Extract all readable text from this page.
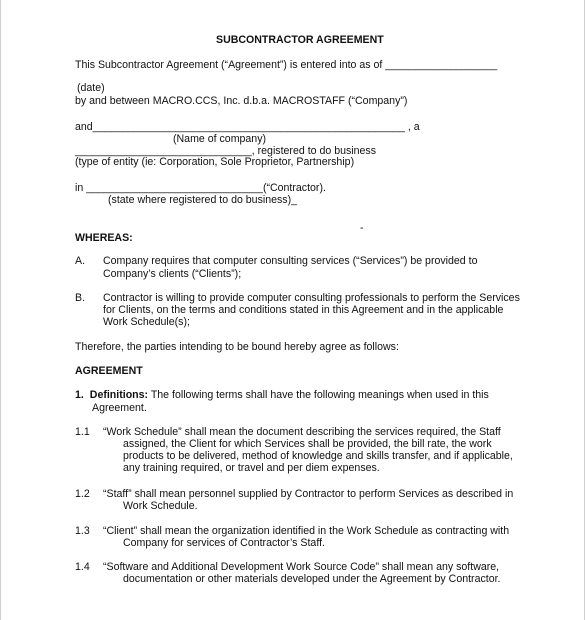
SUBCONTRACTOR AGREEMENT
This Subcontractor Agreement (“Agreement”) is entered into as of ___________________
(date)
by and between MACRO.CCS, Inc. d.b.a. MACROSTAFF (“Company”)
and_____________________________________________________ , a
(Name of company)
______________________________, registered to do business
(type of entity (ie: Corporation, Sole Proprietor, Partnership)
in ______________________________(“Contractor).
(state where registered to do business)_
-
WHEREAS:
A. Company requires that computer consulting services (“Services”) be provided to
Company’s clients (“Clients”);
B. Contractor is willing to provide computer consulting professionals to perform the Services
for Clients, on the terms and conditions stated in this Agreement and in the applicable
Work Schedule(s);
Therefore, the parties intending to be bound hereby agree as follows:
AGREEMENT
1. Definitions: The following terms shall have the following meanings when used in this
Agreement.
1.1 “Work Schedule” shall mean the document describing the services required, the Staff
assigned, the Client for which Services shall be provided, the bill rate, the work
products to be delivered, method of knowledge and skills transfer, and if applicable,
any training required, or travel and per diem expenses.
1.2 “Staff” shall mean personnel supplied by Contractor to perform Services as described in
Work Schedule.
1.3 “Client” shall mean the organization identified in the Work Schedule as contracting with
Company for services of Contractor’s Staff.
1.4 “Software and Additional Development Work Source Code” shall mean any software,
documentation or other materials developed under the Agreement by Contractor.
